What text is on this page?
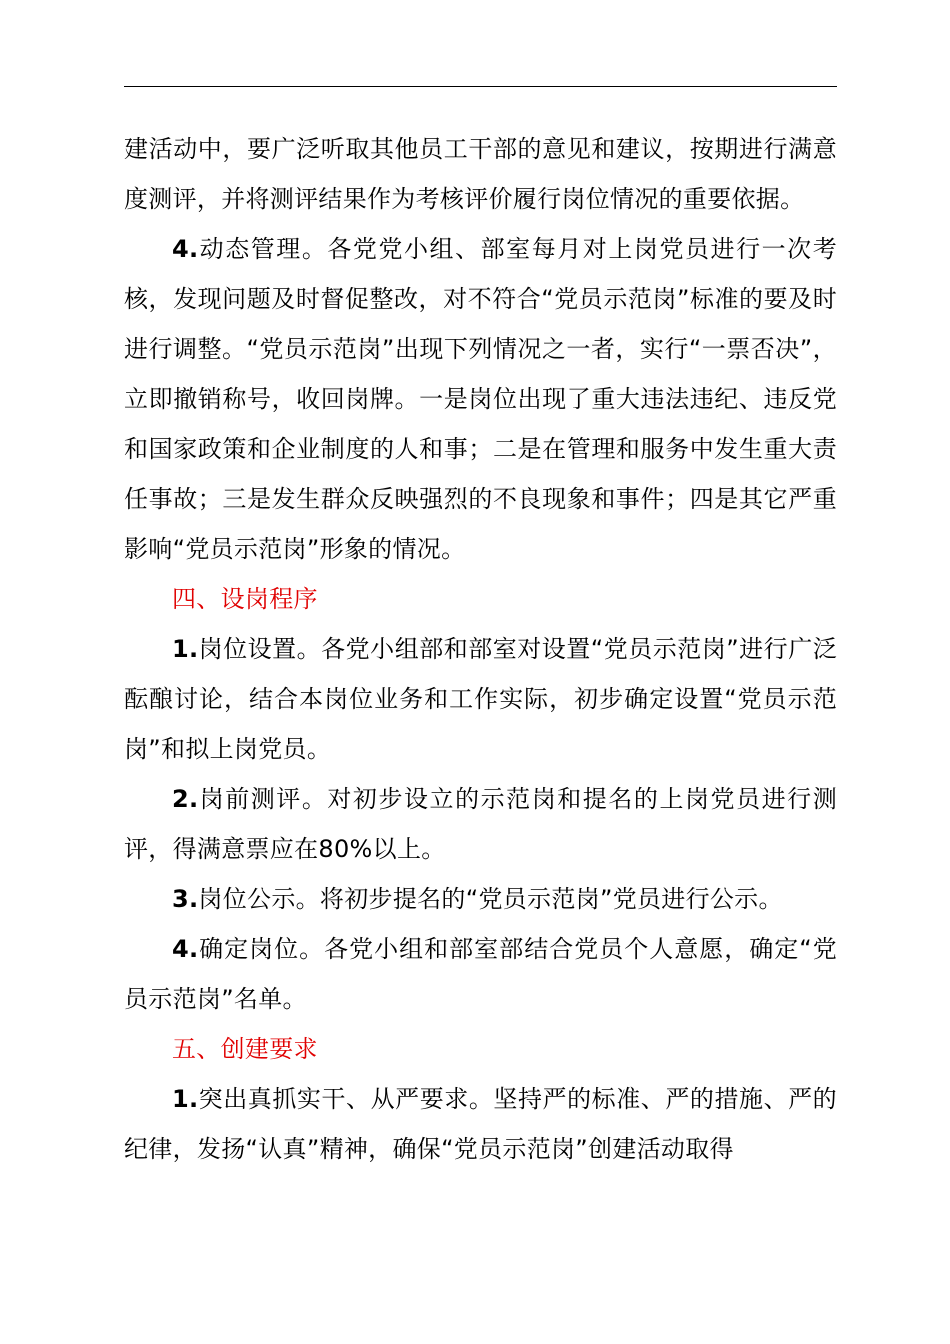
建活动中，要广泛听取其他员工干部的意见和建议，按期进行满意度测评，并将测评结果作为考核评价履行岗位情况的重要依据。

4.动态管理。各党党小组、部室每月对上岗党员进行一次考核，发现问题及时督促整改，对不符合“党员示范岗”标准的要及时进行调整。“党员示范岗”出现下列情况之一者，实行“一票否决”，立即撤销称号，收回岗牌。一是岗位出现了重大违法违纪、违反党和国家政策和企业制度的人和事；二是在管理和服务中发生重大责任事故；三是发生群众反映强烈的不良现象和事件；四是其它严重影响“党员示范岗”形象的情况。

四、设岗程序

1.岗位设置。各党小组部和部室对设置“党员示范岗”进行广泛酝酿讨论，结合本岗位业务和工作实际，初步确定设置“党员示范岗”和拟上岗党员。

2.岗前测评。对初步设立的示范岗和提名的上岗党员进行测评，得满意票应在80%以上。

3.岗位公示。将初步提名的“党员示范岗”党员进行公示。

4.确定岗位。各党小组和部室部结合党员个人意愿，确定“党员示范岗”名单。

五、创建要求

1.突出真抓实干、从严要求。坚持严的标准、严的措施、严的纪律，发扬“认真”精神，确保“党员示范岗”创建活动取得
